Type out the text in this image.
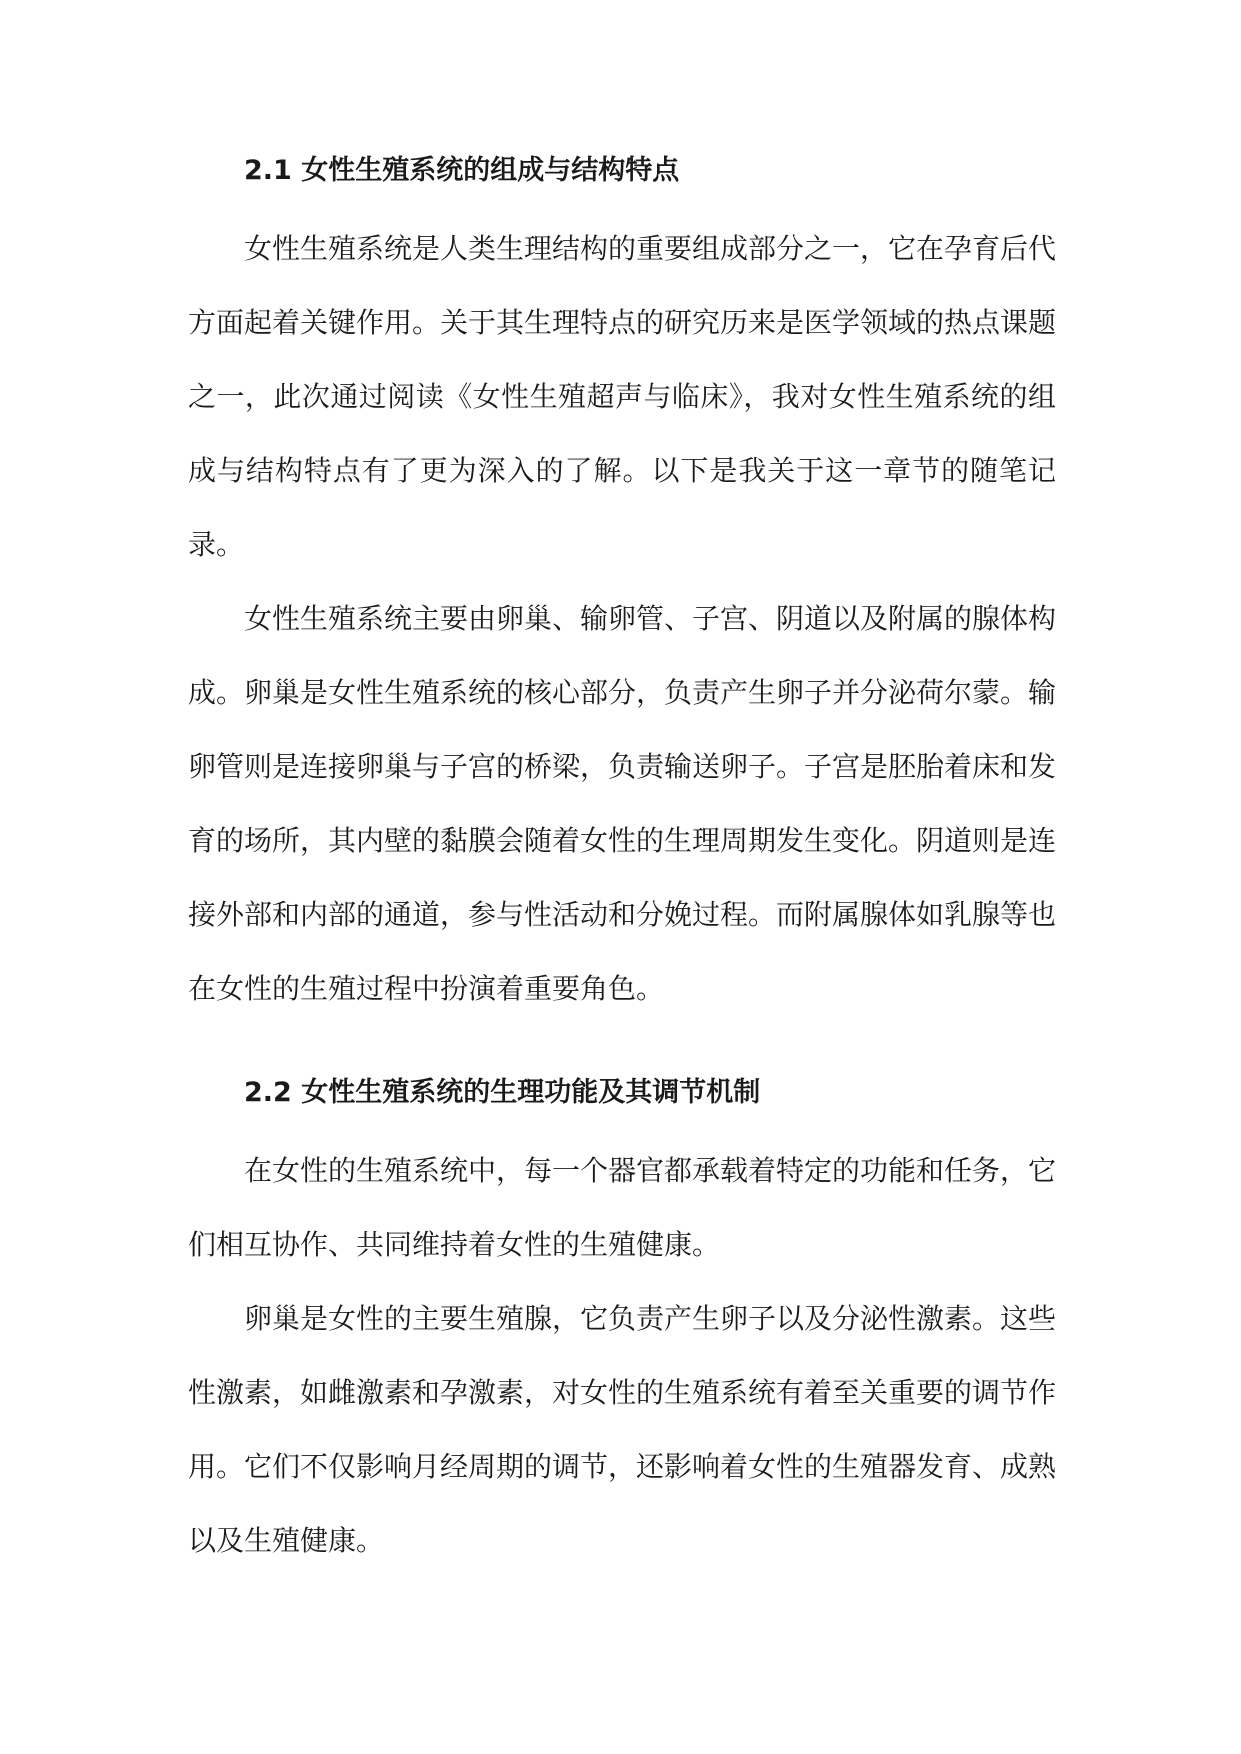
2.1 女性生殖系统的组成与结构特点

女性生殖系统是人类生理结构的重要组成部分之一，它在孕育后代方面起着关键作用。关于其生理特点的研究历来是医学领域的热点课题之一，此次通过阅读《女性生殖超声与临床》，我对女性生殖系统的组成与结构特点有了更为深入的了解。以下是我关于这一章节的随笔记录。

女性生殖系统主要由卵巢、输卵管、子宫、阴道以及附属的腺体构成。卵巢是女性生殖系统的核心部分，负责产生卵子并分泌荷尔蒙。输卵管则是连接卵巢与子宫的桥梁，负责输送卵子。子宫是胚胎着床和发育的场所，其内壁的黏膜会随着女性的生理周期发生变化。阴道则是连接外部和内部的通道，参与性活动和分娩过程。而附属腺体如乳腺等也在女性的生殖过程中扮演着重要角色。

2.2 女性生殖系统的生理功能及其调节机制

在女性的生殖系统中，每一个器官都承载着特定的功能和任务，它们相互协作、共同维持着女性的生殖健康。

卵巢是女性的主要生殖腺，它负责产生卵子以及分泌性激素。这些性激素，如雌激素和孕激素，对女性的生殖系统有着至关重要的调节作用。它们不仅影响月经周期的调节，还影响着女性的生殖器发育、成熟以及生殖健康。
